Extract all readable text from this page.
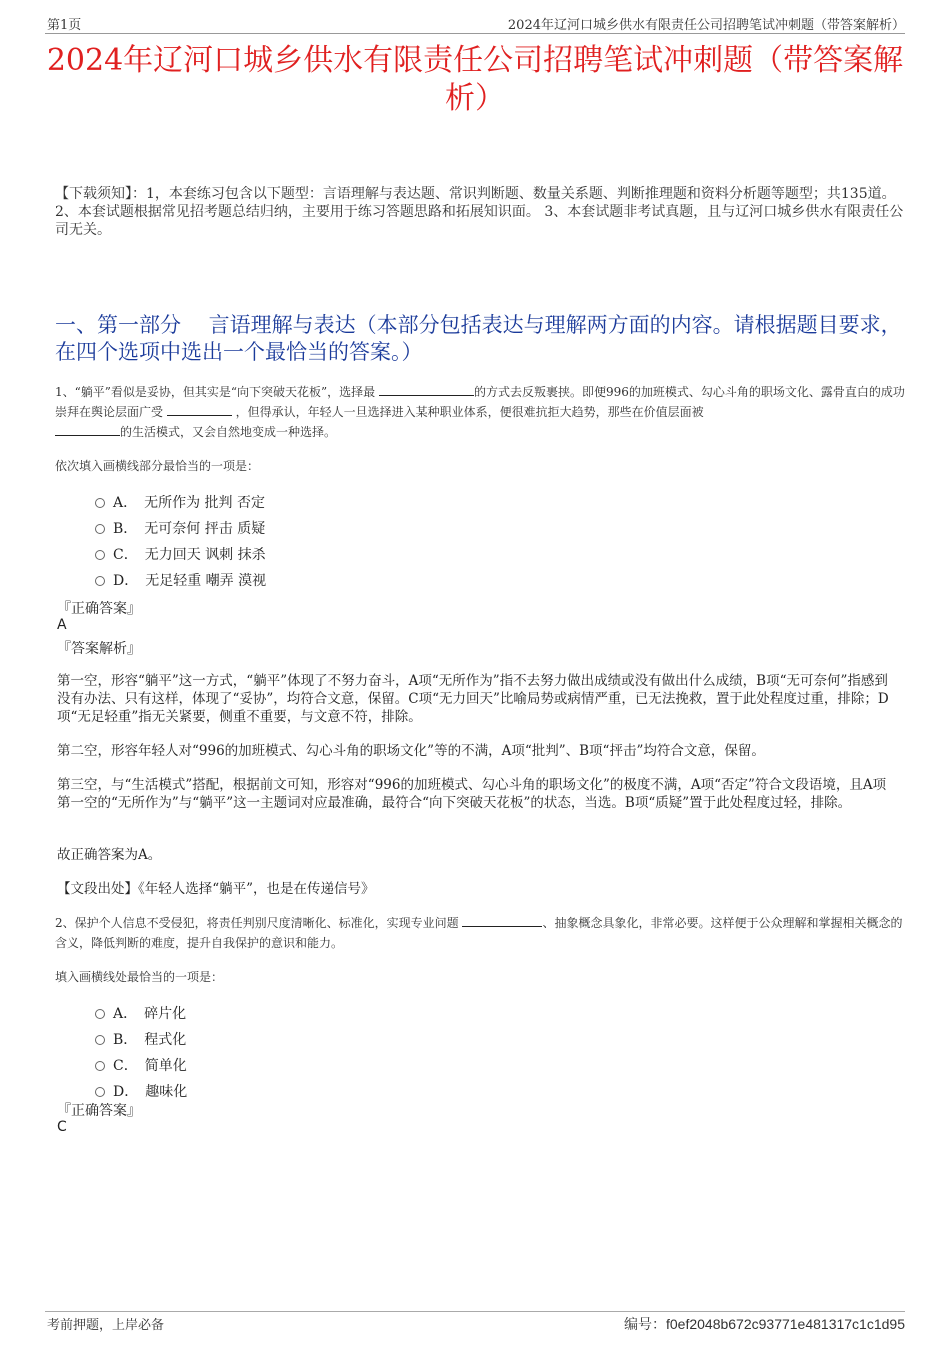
第1页	2024年辽河口城乡供水有限责任公司招聘笔试冲刺题（带答案解析）
2024年辽河口城乡供水有限责任公司招聘笔试冲刺题（带答案解析）
【下载须知】：1，本套练习包含以下题型：言语理解与表达题、常识判断题、数量关系题、判断推理题和资料分析题等题型；共135道。 2、本套试题根据常见招考题总结归纳，主要用于练习答题思路和拓展知识面。 3、本套试题非考试真题，且与辽河口城乡供水有限责任公司无关。
一、第一部分　 言语理解与表达（本部分包括表达与理解两方面的内容。请根据题目要求，在四个选项中选出一个最恰当的答案。）
1、“躺平”看似是妥协，但其实是“向下突破天花板”，选择最	的方式去反叛裹挟。即便996的加班模式、勾心斗角的职场文化、露骨直白的成功崇拜在舆论层面广受	，但得承认，年轻人一旦选择进入某种职业体系，便很难抗拒大趋势，那些在价值层面被
的生活模式，又会自然地变成一种选择。
依次填入画横线部分最恰当的一项是：
A．　无所作为 批判 否定
B．　无可奈何 抨击 质疑
C．　无力回天 讽刺 抹杀
D．　无足轻重 嘲弄 漠视
『正确答案』
A
『答案解析』
第一空，形容“躺平”这一方式，“躺平”体现了不努力奋斗，A项“无所作为”指不去努力做出成绩或没有做出什么成绩，B项“无可奈何”指感到没有办法、只有这样，体现了“妥协”，均符合文意，保留。C项“无力回天”比喻局势或病情严重，已无法挽救，置于此处程度过重，排除；D项“无足轻重”指无关紧要，侧重不重要，与文意不符，排除。
第二空，形容年轻人对“996的加班模式、勾心斗角的职场文化”等的不满，A项“批判”、B项“抨击”均符合文意，保留。
第三空，与“生活模式”搭配，根据前文可知，形容对“996的加班模式、勾心斗角的职场文化”的极度不满，A项“否定”符合文段语境，且A项第一空的“无所作为”与“躺平”这一主题词对应最准确，最符合“向下突破天花板”的状态，当选。B项“质疑”置于此处程度过轻，排除。
故正确答案为A。
【文段出处】《年轻人选择“躺平”，也是在传递信号》
2、保护个人信息不受侵犯，将责任判别尺度清晰化、标准化，实现专业问题	、抽象概念具象化，非常必要。这样便于公众理解和掌握相关概念的含义，降低判断的难度，提升自我保护的意识和能力。
填入画横线处最恰当的一项是：
A．　碎片化
B．　程式化
C．　简单化
D．　趣味化
『正确答案』
C
考前押题，上岸必备	编号：f0ef2048b672c93771e481317c1c1d95
